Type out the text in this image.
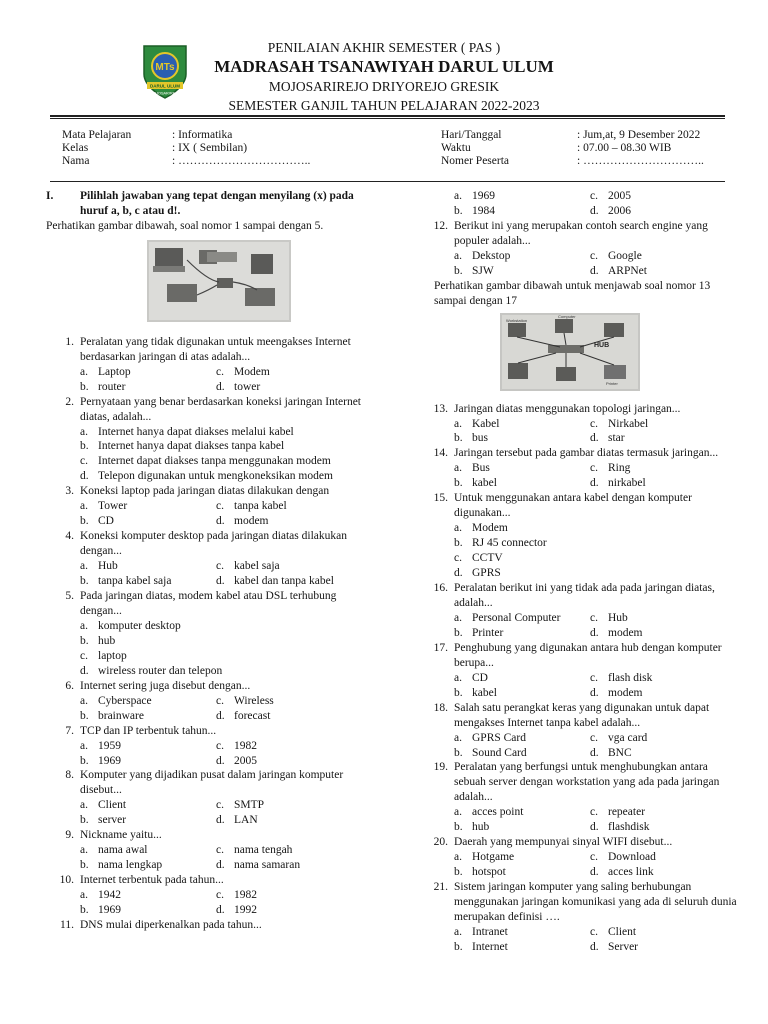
PENILAIAN AKHIR SEMESTER ( PAS )
MADRASAH TSANAWIYAH DARUL ULUM
MOJOSARIREJO DRIYOREJO GRESIK
SEMESTER GANJIL TAHUN PELAJARAN 2022-2023
MTs
DARUL ULUM
MOJOSARIREJO
Mata Pelajaran	: Informatika
Kelas	: IX ( Sembilan)
Nama	: ……………………………..
Hari/Tanggal	: Jum,at, 9 Desember 2022
Waktu	: 07.00 – 08.30 WIB
Nomer Peserta	: …………………………..
I.	Pilihlah jawaban yang tepat dengan menyilang (x) pada huruf a, b, c atau d!.
Perhatikan gambar dibawah, soal nomor 1 sampai dengan 5.
1. Peralatan yang tidak digunakan untuk meengakses Internet berdasarkan jaringan di atas adalah...
a. Laptop	c. Modem
b. router	d. tower
2. Pernyataan yang benar berdasarkan koneksi jaringan Internet diatas, adalah...
a. Internet hanya dapat diakses melalui kabel
b. Internet hanya dapat diakses tanpa kabel
c. Internet dapat diakses tanpa menggunakan modem
d. Telepon digunakan untuk mengkoneksikan modem
3. Koneksi laptop pada jaringan diatas dilakukan dengan
a. Tower	c. tanpa kabel
b. CD	d. modem
4. Koneksi komputer desktop pada jaringan diatas dilakukan dengan...
a. Hub	c. kabel saja
b. tanpa kabel saja	d. kabel dan tanpa kabel
5. Pada jaringan diatas, modem kabel atau DSL terhubung dengan...
a. komputer desktop
b. hub
c. laptop
d. wireless router dan telepon
6. Internet sering juga disebut dengan...
a. Cyberspace	c. Wireless
b. brainware	d. forecast
7. TCP dan IP terbentuk tahun...
a. 1959	c. 1982
b. 1969	d. 2005
8. Komputer yang dijadikan pusat dalam jaringan komputer disebut...
a. Client	c. SMTP
b. server	d. LAN
9. Nickname yaitu...
a. nama awal	c. nama tengah
b. nama lengkap	d. nama samaran
10. Internet terbentuk pada tahun...
a. 1942	c. 1982
b. 1969	d. 1992
11. DNS mulai diperkenalkan pada tahun...
a. 1969	c. 2005
b. 1984	d. 2006
12. Berikut ini yang merupakan contoh search engine yang populer adalah...
a. Dekstop	c. Google
b. SJW	d. ARPNet
Perhatikan gambar dibawah untuk menjawab soal nomor 13 sampai dengan 17
HUB
Computer
Workstation
Printer
13. Jaringan diatas menggunakan topologi jaringan...
a. Kabel	c. Nirkabel
b. bus	d. star
14. Jaringan tersebut pada gambar diatas termasuk jaringan...
a. Bus	c. Ring
b. kabel	d. nirkabel
15. Untuk menggunakan antara kabel dengan komputer digunakan...
a. Modem
b. RJ 45 connector
c. CCTV
d. GPRS
16. Peralatan berikut ini yang tidak ada pada jaringan diatas, adalah...
a. Personal Computer	c. Hub
b. Printer	d. modem
17. Penghubung yang digunakan antara hub dengan komputer berupa...
a. CD	c. flash disk
b. kabel	d. modem
18. Salah satu perangkat keras yang digunakan untuk dapat mengakses Internet tanpa kabel adalah...
a. GPRS Card	c. vga card
b. Sound Card	d. BNC
19. Peralatan yang berfungsi untuk menghubungkan antara sebuah server dengan workstation yang ada pada jaringan adalah...
a. acces point	c. repeater
b. hub	d. flashdisk
20. Daerah yang mempunyai sinyal WIFI disebut...
a. Hotgame	c. Download
b. hotspot	d. acces link
21. Sistem jaringan komputer yang saling berhubungan menggunakan jaringan komunikasi yang ada di seluruh dunia merupakan definisi ….
a. Intranet	c. Client
b. Internet	d. Server
